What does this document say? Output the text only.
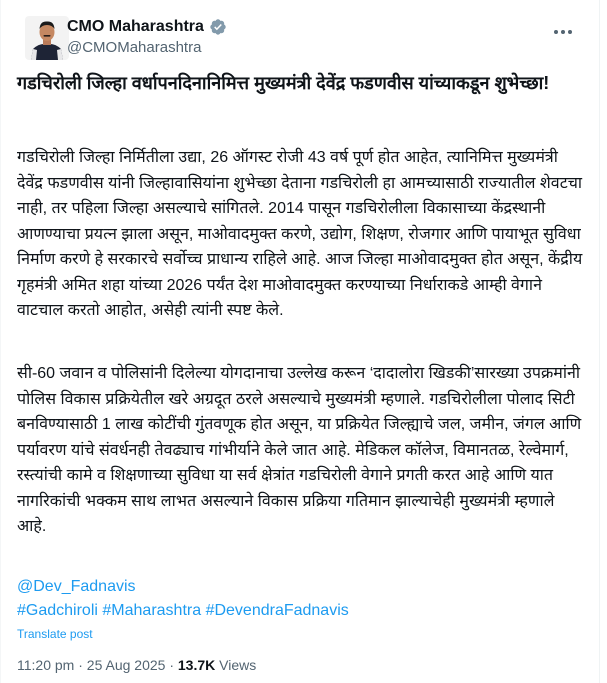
CMO Maharashtra
@CMOMaharashtra
गडचिरोली जिल्हा वर्धापनदिनानिमित्त मुख्यमंत्री देवेंद्र फडणवीस यांच्याकडून शुभेच्छा!
गडचिरोली जिल्हा निर्मितीला उद्या, 26 ऑगस्ट रोजी 43 वर्ष पूर्ण होत आहेत, त्यानिमित्त मुख्यमंत्री देवेंद्र फडणवीस यांनी जिल्हावासियांना शुभेच्छा देताना गडचिरोली हा आमच्यासाठी राज्यातील शेवटचा नाही, तर पहिला जिल्हा असल्याचे सांगितले. 2014 पासून गडचिरोलीला विकासाच्या केंद्रस्थानी आणण्याचा प्रयत्न झाला असून, माओवादमुक्त करणे, उद्योग, शिक्षण, रोजगार आणि पायाभूत सुविधा निर्माण करणे हे सरकारचे सर्वोच्च प्राधान्य राहिले आहे. आज जिल्हा माओवादमुक्त होत असून, केंद्रीय गृहमंत्री अमित शहा यांच्या 2026 पर्यंत देश माओवादमुक्त करण्याच्या निर्धाराकडे आम्ही वेगाने वाटचाल करतो आहोत, असेही त्यांनी स्पष्ट केले.
सी-60 जवान व पोलिसांनी दिलेल्या योगदानाचा उल्लेख करून ‘दादालोरा खिडकी’सारख्या उपक्रमांनी पोलिस विकास प्रक्रियेतील खरे अग्रदूत ठरले असल्याचे मुख्यमंत्री म्हणाले. गडचिरोलीला पोलाद सिटी बनविण्यासाठी 1 लाख कोटींची गुंतवणूक होत असून, या प्रक्रियेत जिल्ह्याचे जल, जमीन, जंगल आणि पर्यावरण यांचे संवर्धनही तेवढ्याच गांभीर्याने केले जात आहे. मेडिकल कॉलेज, विमानतळ, रेल्वेमार्ग, रस्त्यांची कामे व शिक्षणाच्या सुविधा या सर्व क्षेत्रांत गडचिरोली वेगाने प्रगती करत आहे आणि यात नागरिकांची भक्कम साथ लाभत असल्याने विकास प्रक्रिया गतिमान झाल्याचेही मुख्यमंत्री म्हणाले आहे.
@Dev_Fadnavis
#Gadchiroli #Maharashtra #DevendraFadnavis
Translate post
11:20 pm · 25 Aug 2025 · 13.7K Views
